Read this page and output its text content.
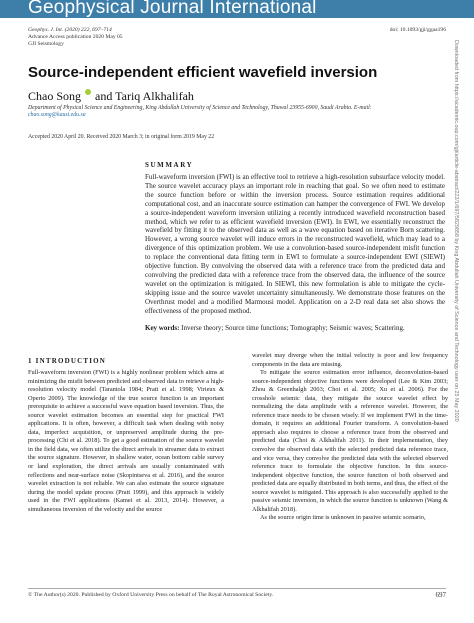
Geophysical Journal International
Geophys. J. Int. (2020) 222, 697–714
Advance Access publication 2020 May 05
GJI Seismology
doi: 10.1093/gji/ggaa196
Downloaded from https://academic.oup.com/gji/article-abstract/222/1/697/5829858 by King Abdullah University of Science and Technology user on 25 May 2020
Source-independent efficient wavefield inversion
Chao Song and Tariq Alkhalifah
Department of Physical Science and Engineering, King Abdullah University of Science and Technology, Thuwal 23955-6900, Saudi Arabia. E-mail:
chao.song@kaust.edu.sa
Accepted 2020 April 20. Received 2020 March 3; in original form 2019 May 22
SUMMARY

Full-waveform inversion (FWI) is an effective tool to retrieve a high-resolution subsurface velocity model. The source wavelet accuracy plays an important role in reaching that goal. So we often need to estimate the source function before or within the inversion process. Source estimation requires additional computational cost, and an inaccurate source estimation can hamper the convergence of FWI. We develop a source-independent waveform inversion utilizing a recently introduced wavefield reconstruction based method, which we refer to as efficient wavefield inversion (EWI). In EWI, we essentially reconstruct the wavefield by fitting it to the observed data as well as a wave equation based on iterative Born scattering. However, a wrong source wavelet will induce errors in the reconstructed wavefield, which may lead to a divergence of this optimization problem. We use a convolution-based source-independent misfit function to replace the conventional data fitting term in EWI to formulate a source-independent EWI (SIEWI) objective function. By convolving the observed data with a reference trace from the predicted data and convolving the predicted data with a reference trace from the observed data, the influence of the source wavelet on the optimization is mitigated. In SIEWI, this new formulation is able to mitigate the cycle-skipping issue and the source wavelet uncertainty simultaneously. We demonstrate those features on the Overthrust model and a modified Marmousi model. Application on a 2-D real data set also shows the effectiveness of the proposed method.

Key words: Inverse theory; Source time functions; Tomography; Seismic waves; Scattering.

1 INTRODUCTION

Full-waveform inversion (FWI) is a highly nonlinear problem which aims at minimizing the misfit between predicted and observed data to retrieve a high-resolution velocity model (Tarantola 1984; Pratt et al. 1998; Virieux & Operto 2009). The knowledge of the true source function is an important prerequisite to achieve a successful wave equation based inversion. Thus, the source wavelet estimation becomes an essential step for practical FWI applications. It is often, however, a difficult task when dealing with noisy data, imperfect acquisition, or unpreserved amplitude during the pre-processing (Chi et al. 2018). To get a good estimation of the source wavelet in the field data, we often utilize the direct arrivals in streamer data to extract the source signature. However, in shallow water, ocean bottom cable survey or land exploration, the direct arrivals are usually contaminated with reflections and near-surface noise (Skopintseva et al. 2016), and the source wavelet extraction is not reliable. We can also estimate the source signature during the model update process (Pratt 1999), and this approach is widely used in the FWI applications (Kamei et al. 2013, 2014). However, a simultaneous inversion of the velocity and the source

wavelet may diverge when the initial velocity is poor and low frequency components in the data are missing.

To mitigate the source estimation error influence, deconvolution-based source-independent objective functions were developed (Lee & Kim 2003; Zhou & Greenhalgh 2003; Choi et al. 2005; Xu et al. 2006). For the crosshole seismic data, they mitigate the source wavelet effect by normalizing the data amplitude with a reference wavelet. However, the reference trace needs to be chosen wisely. If we implement FWI in the time-domain, it requires an additional Fourier transform. A convolution-based approach also requires to choose a reference trace from the observed and predicted data (Choi & Alkhalifah 2011). In their implementation, they convolve the observed data with the selected predicted data reference trace, and vice versa, they convolve the predicted data with the selected observed reference trace to formulate the objective function. In this source-independent objective function, the source function of both observed and predicted data are equally distributed in both terms, and thus, the effect of the source wavelet is mitigated. This approach is also successfully applied to the passive seismic inversion, in which the source function is unknown (Wang & Alkhalifah 2018).

As the source origin time is unknown in passive seismic scenario,

© The Author(s) 2020. Published by Oxford University Press on behalf of The Royal Astronomical Society.	697
